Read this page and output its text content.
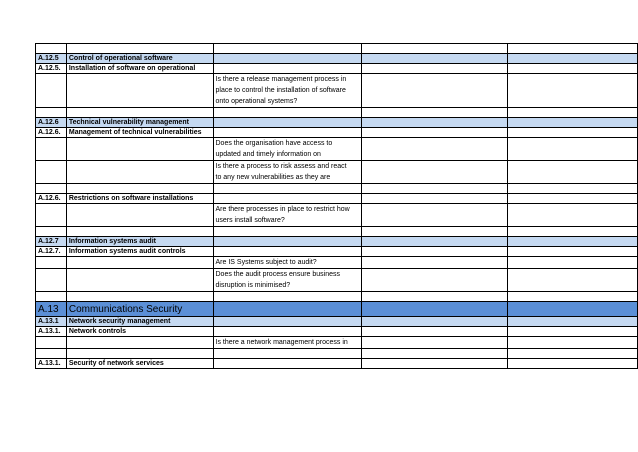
A.12.5	Control of operational software			
A.12.5.	Installation of software on operational			

		Is there a release management process in
place to control the installation of software
onto operational systems?		

A.12.6	Technical vulnerability management			
A.12.6.	Management of technical vulnerabilities			

		Does the organisation have access to
updated and timely information on		

		Is there a process to risk assess and react
to any new vulnerabilities as they are		

A.12.6.	Restrictions on software installations			

		Are there processes in place to restrict how
users install software?		

A.12.7	Information systems audit			
A.12.7.	Information systems audit controls			

		Are IS Systems subject to audit?		

		Does the audit process ensure business
disruption is minimised?		

A.13	Communications Security			
A.13.1	Network security management			
A.13.1.	Network controls			

		Is there a network management process in		

A.13.1.	Security of network services			
